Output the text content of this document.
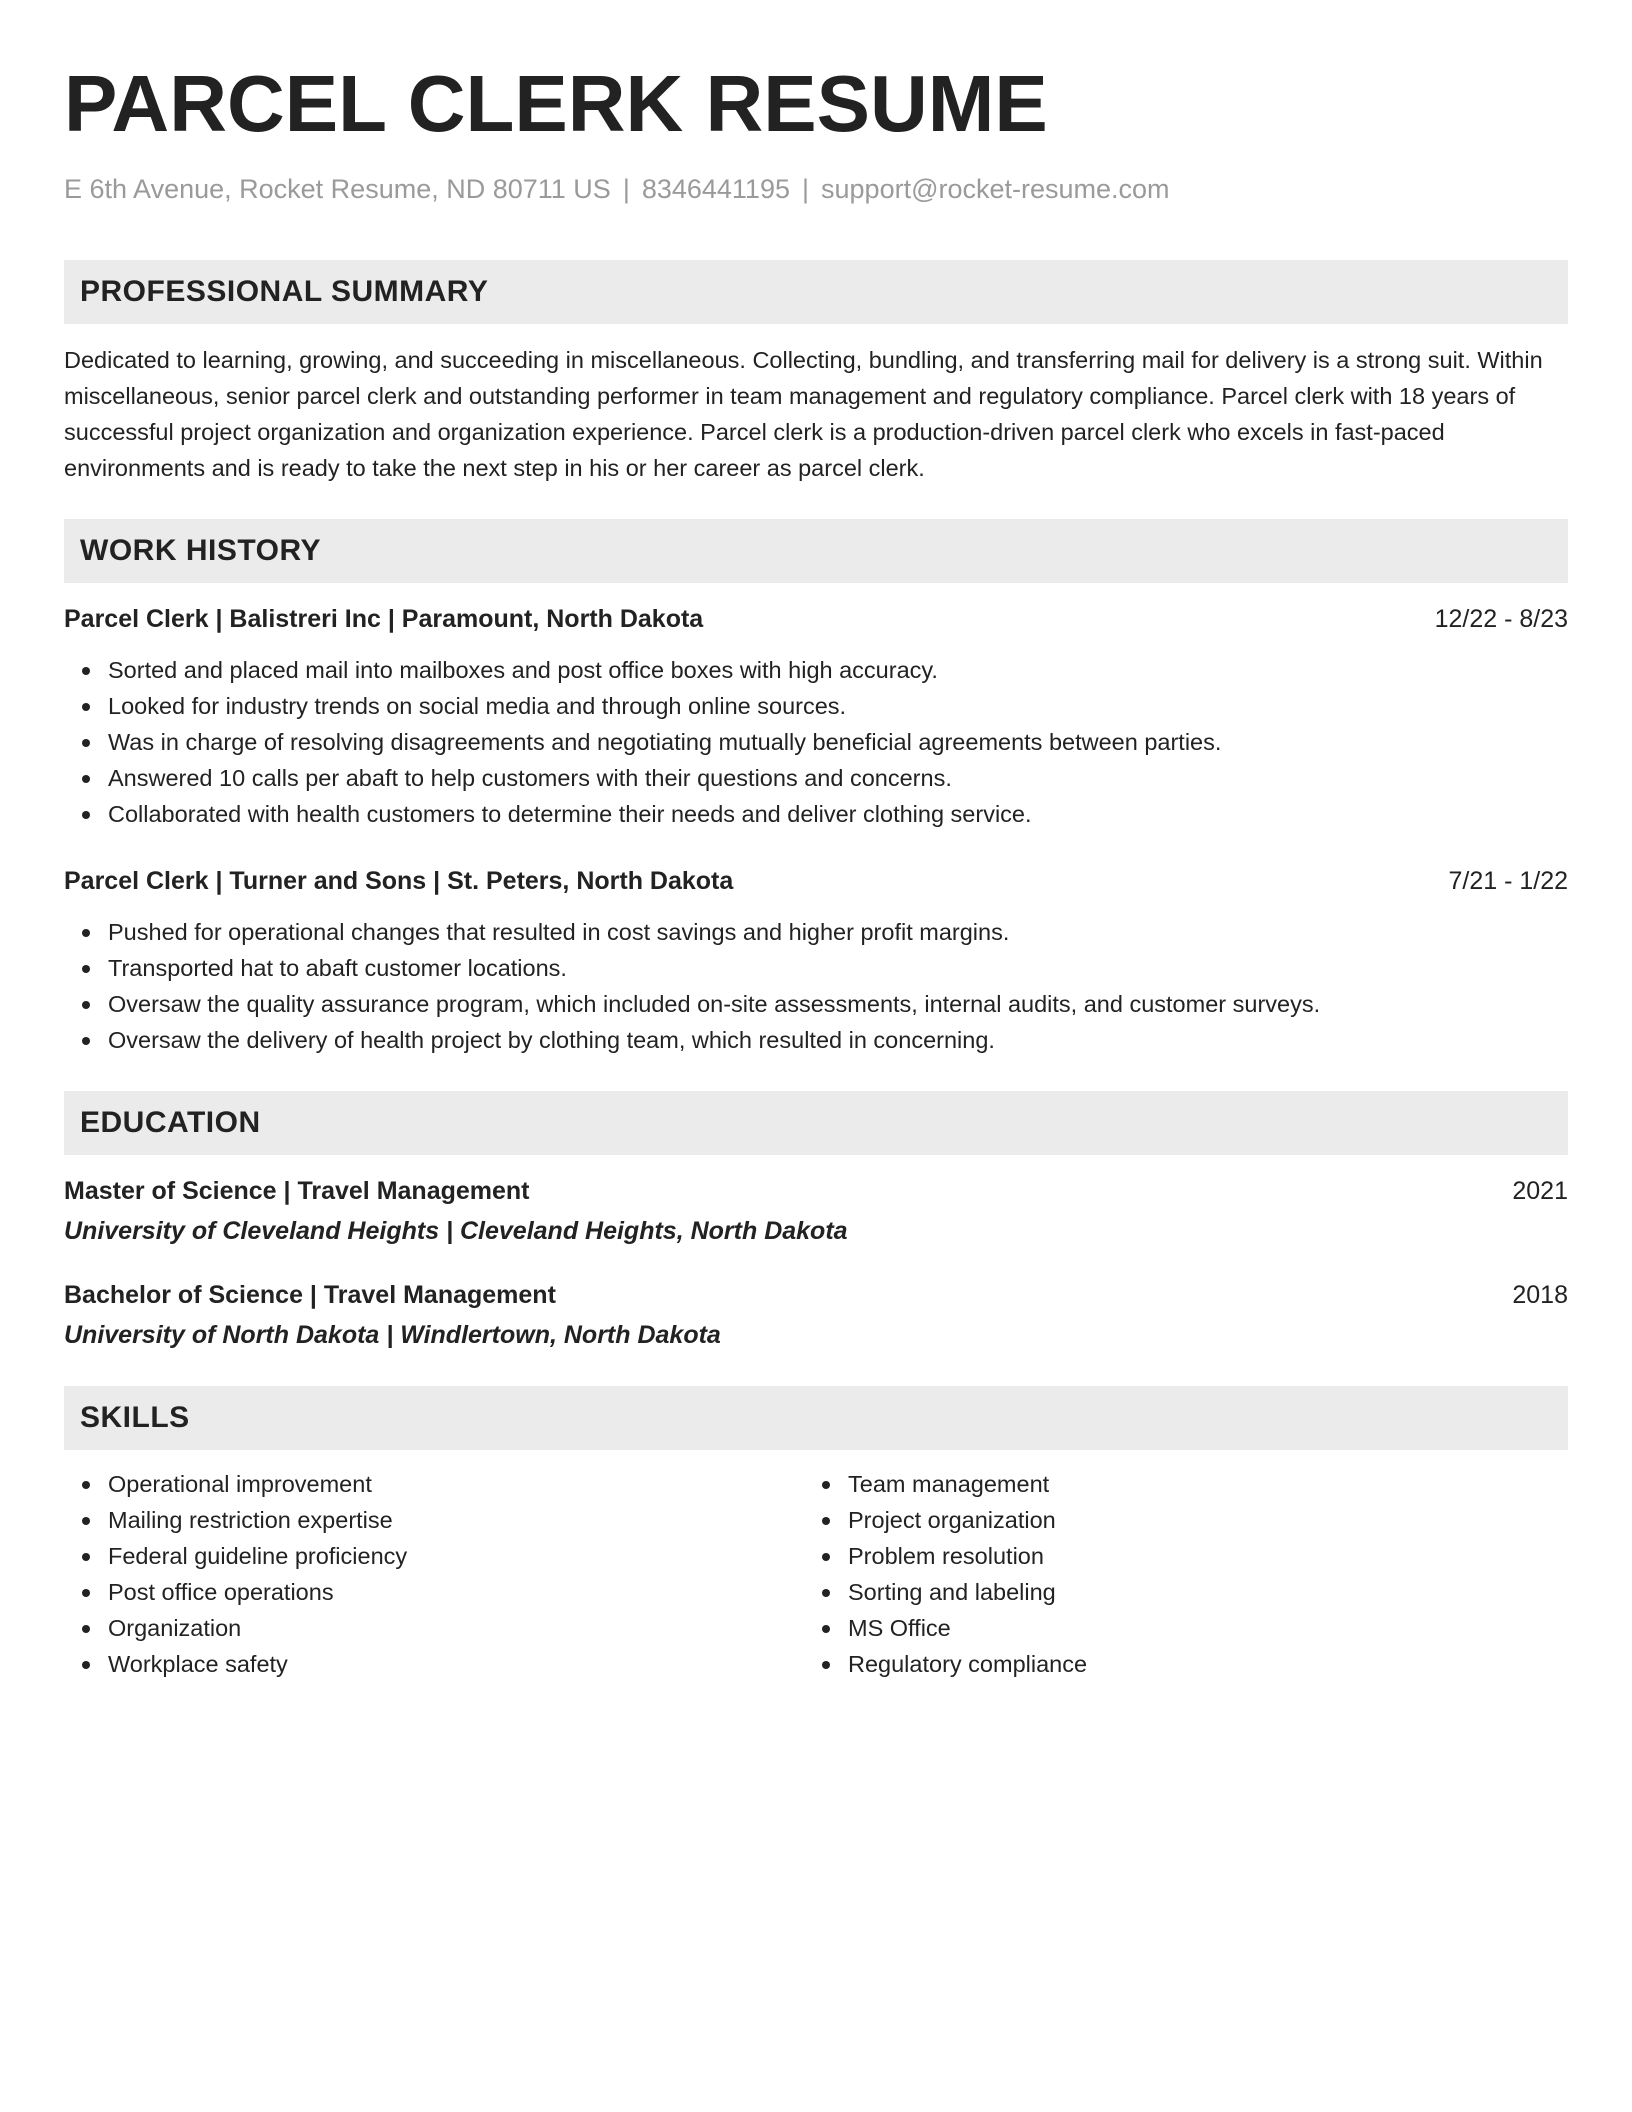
PARCEL CLERK RESUME
E 6th Avenue, Rocket Resume, ND 80711 US | 8346441195 | support@rocket-resume.com
PROFESSIONAL SUMMARY

Dedicated to learning, growing, and succeeding in miscellaneous. Collecting, bundling, and transferring mail for delivery is a strong suit. Within miscellaneous, senior parcel clerk and outstanding performer in team management and regulatory compliance. Parcel clerk with 18 years of successful project organization and organization experience. Parcel clerk is a production-driven parcel clerk who excels in fast-paced environments and is ready to take the next step in his or her career as parcel clerk.

WORK HISTORY
Parcel Clerk | Balistreri Inc | Paramount, North Dakota	12/22 - 8/23
Sorted and placed mail into mailboxes and post office boxes with high accuracy.
Looked for industry trends on social media and through online sources.
Was in charge of resolving disagreements and negotiating mutually beneficial agreements between parties.
Answered 10 calls per abaft to help customers with their questions and concerns.
Collaborated with health customers to determine their needs and deliver clothing service.
Parcel Clerk | Turner and Sons | St. Peters, North Dakota	7/21 - 1/22
Pushed for operational changes that resulted in cost savings and higher profit margins.
Transported hat to abaft customer locations.
Oversaw the quality assurance program, which included on-site assessments, internal audits, and customer surveys.
Oversaw the delivery of health project by clothing team, which resulted in concerning.
EDUCATION
Master of Science | Travel Management	2021
University of Cleveland Heights | Cleveland Heights, North Dakota
Bachelor of Science | Travel Management	2018
University of North Dakota | Windlertown, North Dakota
SKILLS
Operational improvement
Mailing restriction expertise
Federal guideline proficiency
Post office operations
Organization
Workplace safety
Team management
Project organization
Problem resolution
Sorting and labeling
MS Office
Regulatory compliance
